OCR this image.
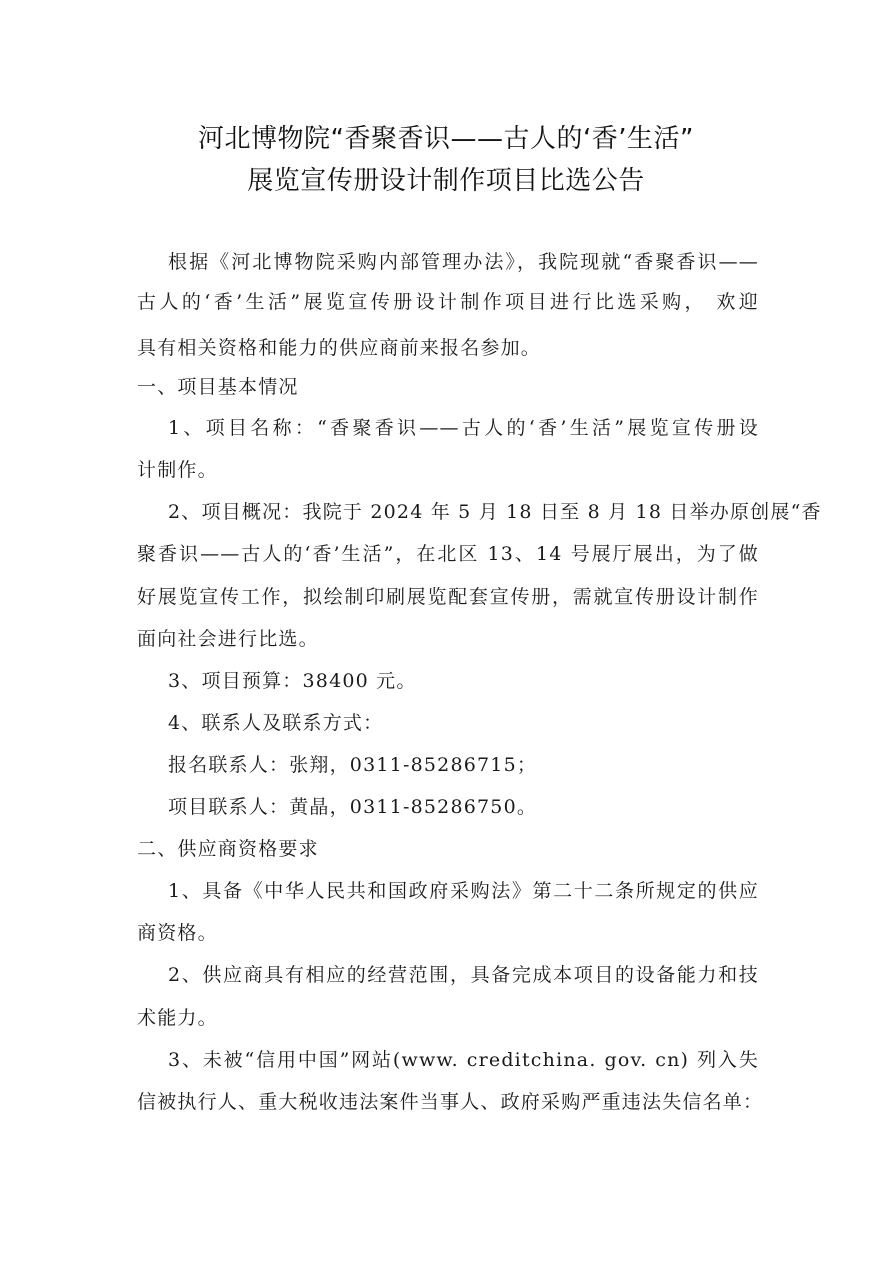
河北博物院“香聚香识——古人的‘香’生活”
展览宣传册设计制作项目比选公告
根据《河北博物院采购内部管理办法》，我院现就“香聚香识——
古人的‘香’生活”展览宣传册设计制作项目进行比选采购， 欢迎
具有相关资格和能力的供应商前来报名参加。
一、项目基本情况
1、项目名称：“香聚香识——古人的‘香’生活”展览宣传册设
计制作。
2、项目概况：我院于 2024 年 5 月 18 日至 8 月 18 日举办原创展“香
聚香识——古人的‘香’生活”，在北区 13、14 号展厅展出，为了做
好展览宣传工作，拟绘制印刷展览配套宣传册，需就宣传册设计制作
面向社会进行比选。
3、项目预算：38400 元。
4、联系人及联系方式：
报名联系人：张翔，0311-85286715；
项目联系人：黄晶，0311-85286750。
二、供应商资格要求
1、具备《中华人民共和国政府采购法》第二十二条所规定的供应
商资格。
2、供应商具有相应的经营范围，具备完成本项目的设备能力和技
术能力。
3、未被“信用中国”网站(www. creditchina. gov. cn) 列入失
信被执行人、重大税收违法案件当事人、政府采购严重违法失信名单：
